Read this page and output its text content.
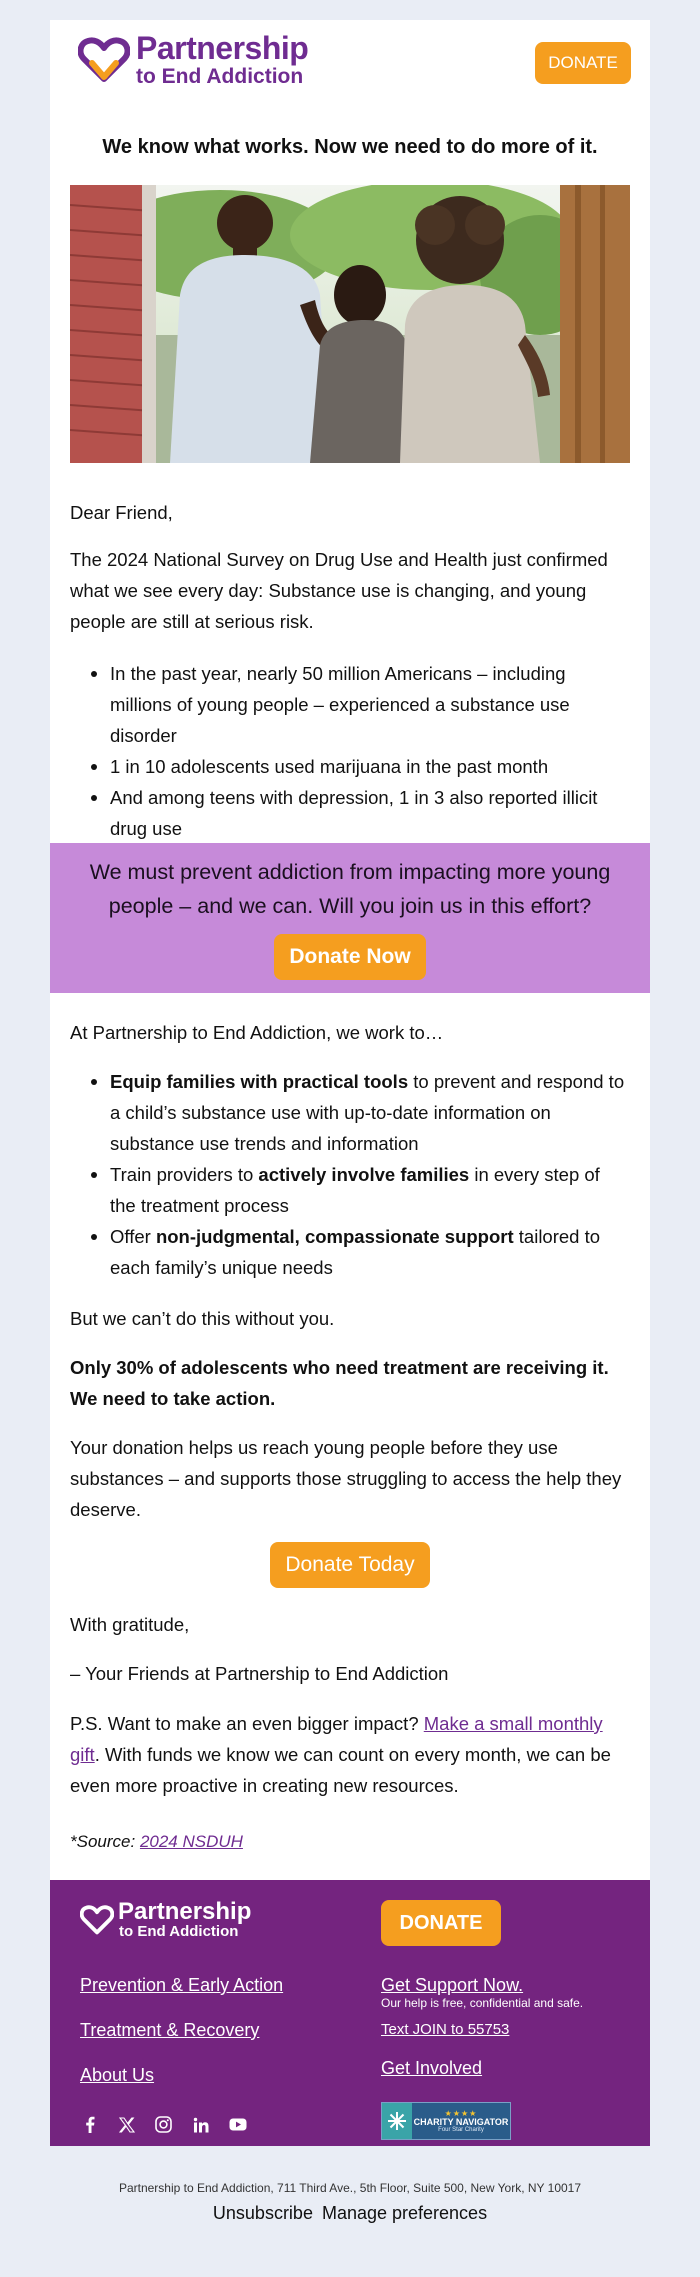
Partnership
to End Addiction
DONATE
We know what works. Now we need to do more of it.
Dear Friend,
The 2024 National Survey on Drug Use and Health just confirmed what we see every day: Substance use is changing, and young people are still at serious risk.
In the past year, nearly 50 million Americans – including millions of young people – experienced a substance use disorder
1 in 10 adolescents used marijuana in the past month
And among teens with depression, 1 in 3 also reported illicit drug use
We must prevent addiction from impacting more young people – and we can. Will you join us in this effort?
Donate Now
At Partnership to End Addiction, we work to…
Equip families with practical tools to prevent and respond to a child’s substance use with up-to-date information on substance use trends and information
Train providers to actively involve families in every step of the treatment process
Offer non-judgmental, compassionate support tailored to each family’s unique needs
But we can’t do this without you.
Only 30% of adolescents who need treatment are receiving it. We need to take action.
Your donation helps us reach young people before they use substances – and supports those struggling to access the help they deserve.
Donate Today
With gratitude,
– Your Friends at Partnership to End Addiction
P.S. Want to make an even bigger impact? Make a small monthly gift. With funds we know we can count on every month, we can be even more proactive in creating new resources.
*Source: 2024 NSDUH
Partnership
to End Addiction	DONATE
Prevention & Early Action
Treatment & Recovery
About Us
Get Support Now.
Our help is free, confidential and safe.
Text JOIN to 55753
Get Involved
★★★★
CHARITY NAVIGATOR
Four Star Charity
Partnership to End Addiction, 711 Third Ave., 5th Floor, Suite 500, New York, NY 10017
Unsubscribe Manage preferences
